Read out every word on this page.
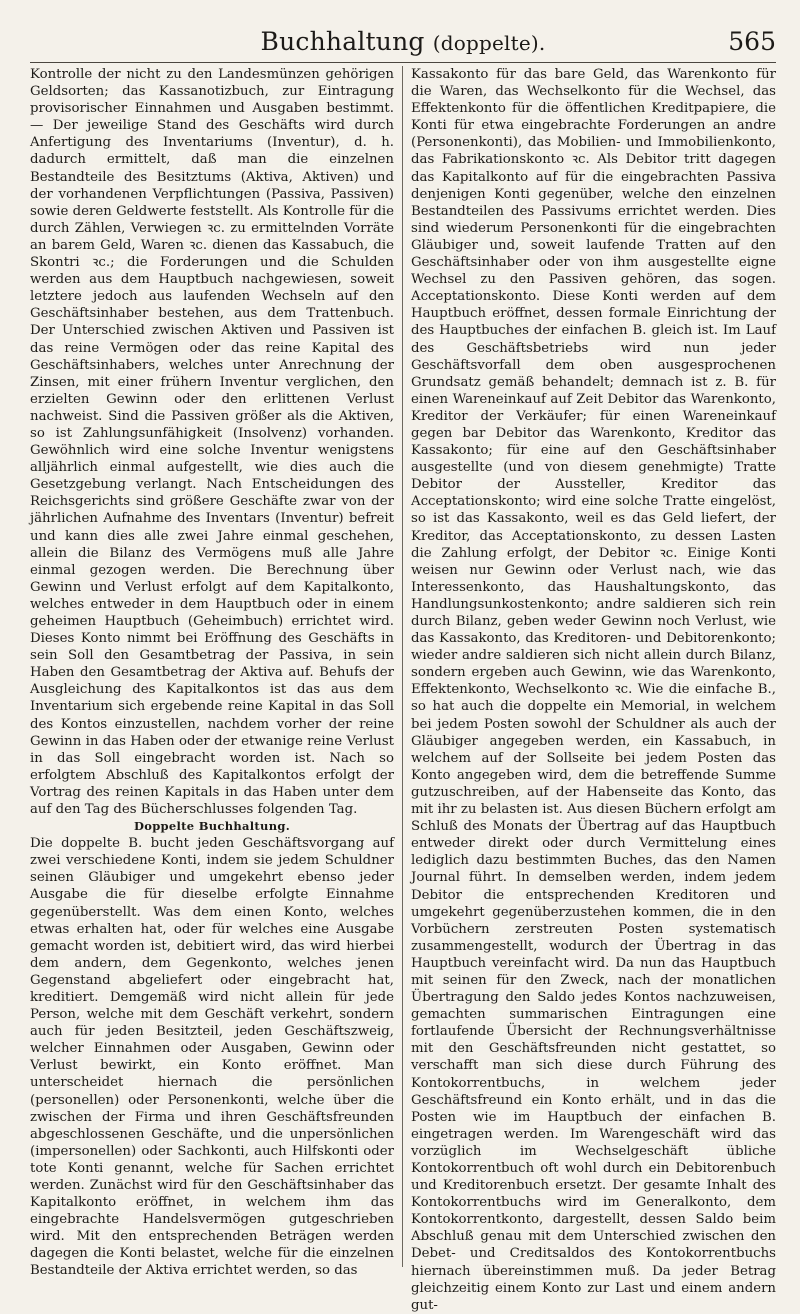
Buchhaltung (doppelte).	565

Kontrolle der nicht zu den Landesmünzen gehörigen Geldsorten; das Kassanotizbuch, zur Eintragung provisorischer Einnahmen und Ausgaben bestimmt. — Der jeweilige Stand des Geschäfts wird durch Anfertigung des Inventariums (Inventur), d. h. dadurch ermittelt, daß man die einzelnen Bestandteile des Besitztums (Aktiva, Aktiven) und der vorhandenen Verpflichtungen (Passiva, Passiven) sowie deren Geldwerte feststellt. Als Kontrolle für die durch Zählen, Verwiegen ꝛc. zu ermittelnden Vorräte an barem Geld, Waren ꝛc. dienen das Kassabuch, die Skontri ꝛc.; die Forderungen und die Schulden werden aus dem Hauptbuch nachgewiesen, soweit letztere jedoch aus laufenden Wechseln auf den Geschäftsinhaber bestehen, aus dem Trattenbuch. Der Unterschied zwischen Aktiven und Passiven ist das reine Vermögen oder das reine Kapital des Geschäftsinhabers, welches unter Anrechnung der Zinsen, mit einer frühern Inventur verglichen, den erzielten Gewinn oder den erlittenen Verlust nachweist. Sind die Passiven größer als die Aktiven, so ist Zahlungsunfähigkeit (Insolvenz) vorhanden. Gewöhnlich wird eine solche Inventur wenigstens alljährlich einmal aufgestellt, wie dies auch die Gesetzgebung verlangt. Nach Entscheidungen des Reichsgerichts sind größere Geschäfte zwar von der jährlichen Aufnahme des Inventars (Inventur) befreit und kann dies alle zwei Jahre einmal geschehen, allein die Bilanz des Vermögens muß alle Jahre einmal gezogen werden. Die Berechnung über Gewinn und Verlust erfolgt auf dem Kapitalkonto, welches entweder in dem Hauptbuch oder in einem geheimen Hauptbuch (Geheimbuch) errichtet wird. Dieses Konto nimmt bei Eröffnung des Geschäfts in sein Soll den Gesamtbetrag der Passiva, in sein Haben den Gesamtbetrag der Aktiva auf. Behufs der Ausgleichung des Kapitalkontos ist das aus dem Inventarium sich ergebende reine Kapital in das Soll des Kontos einzustellen, nachdem vorher der reine Gewinn in das Haben oder der etwanige reine Verlust in das Soll eingebracht worden ist. Nach so erfolgtem Abschluß des Kapitalkontos erfolgt der Vortrag des reinen Kapitals in das Haben unter dem auf den Tag des Bücherschlusses folgenden Tag.

Doppelte Buchhaltung.

Die doppelte B. bucht jeden Geschäftsvorgang auf zwei verschiedene Konti, indem sie jedem Schuldner seinen Gläubiger und umgekehrt ebenso jeder Ausgabe die für dieselbe erfolgte Einnahme gegenüberstellt. Was dem einen Konto, welches etwas erhalten hat, oder für welches eine Ausgabe gemacht worden ist, debitiert wird, das wird hierbei dem andern, dem Gegenkonto, welches jenen Gegenstand abgeliefert oder eingebracht hat, kreditiert. Demgemäß wird nicht allein für jede Person, welche mit dem Geschäft verkehrt, sondern auch für jeden Besitzteil, jeden Geschäftszweig, welcher Einnahmen oder Ausgaben, Gewinn oder Verlust bewirkt, ein Konto eröffnet. Man unterscheidet hiernach die persönlichen (personellen) oder Personenkonti, welche über die zwischen der Firma und ihren Geschäftsfreunden abgeschlossenen Geschäfte, und die unpersönlichen (impersonellen) oder Sachkonti, auch Hilfskonti oder tote Konti genannt, welche für Sachen errichtet werden. Zunächst wird für den Geschäftsinhaber das Kapitalkonto eröffnet, in welchem ihm das eingebrachte Handelsvermögen gutgeschrieben wird. Mit den entsprechenden Beträgen werden dagegen die Konti belastet, welche für die einzelnen Bestandteile der Aktiva errichtet werden, so das

Kassakonto für das bare Geld, das Warenkonto für die Waren, das Wechselkonto für die Wechsel, das Effektenkonto für die öffentlichen Kreditpapiere, die Konti für etwa eingebrachte Forderungen an andre (Personenkonti), das Mobilien- und Immobilienkonto, das Fabrikationskonto ꝛc. Als Debitor tritt dagegen das Kapitalkonto auf für die eingebrachten Passiva denjenigen Konti gegenüber, welche den einzelnen Bestandteilen des Passivums errichtet werden. Dies sind wiederum Personenkonti für die eingebrachten Gläubiger und, soweit laufende Tratten auf den Geschäftsinhaber oder von ihm ausgestellte eigne Wechsel zu den Passiven gehören, das sogen. Acceptationskonto. Diese Konti werden auf dem Hauptbuch eröffnet, dessen formale Einrichtung der des Hauptbuches der einfachen B. gleich ist. Im Lauf des Geschäftsbetriebs wird nun jeder Geschäftsvorfall dem oben ausgesprochenen Grundsatz gemäß behandelt; demnach ist z. B. für einen Wareneinkauf auf Zeit Debitor das Warenkonto, Kreditor der Verkäufer; für einen Wareneinkauf gegen bar Debitor das Warenkonto, Kreditor das Kassakonto; für eine auf den Geschäftsinhaber ausgestellte (und von diesem genehmigte) Tratte Debitor der Aussteller, Kreditor das Acceptationskonto; wird eine solche Tratte eingelöst, so ist das Kassakonto, weil es das Geld liefert, der Kreditor, das Acceptationskonto, zu dessen Lasten die Zahlung erfolgt, der Debitor ꝛc. Einige Konti weisen nur Gewinn oder Verlust nach, wie das Interessenkonto, das Haushaltungskonto, das Handlungsunkostenkonto; andre saldieren sich rein durch Bilanz, geben weder Gewinn noch Verlust, wie das Kassakonto, das Kreditoren- und Debitorenkonto; wieder andre saldieren sich nicht allein durch Bilanz, sondern ergeben auch Gewinn, wie das Warenkonto, Effektenkonto, Wechselkonto ꝛc. Wie die einfache B., so hat auch die doppelte ein Memorial, in welchem bei jedem Posten sowohl der Schuldner als auch der Gläubiger angegeben werden, ein Kassabuch, in welchem auf der Sollseite bei jedem Posten das Konto angegeben wird, dem die betreffende Summe gutzuschreiben, auf der Habenseite das Konto, das mit ihr zu belasten ist. Aus diesen Büchern erfolgt am Schluß des Monats der Übertrag auf das Hauptbuch entweder direkt oder durch Vermittelung eines lediglich dazu bestimmten Buches, das den Namen Journal führt. In demselben werden, indem jedem Debitor die entsprechenden Kreditoren und umgekehrt gegenüberzustehen kommen, die in den Vorbüchern zerstreuten Posten systematisch zusammengestellt, wodurch der Übertrag in das Hauptbuch vereinfacht wird. Da nun das Hauptbuch mit seinen für den Zweck, nach der monatlichen Übertragung den Saldo jedes Kontos nachzuweisen, gemachten summarischen Eintragungen eine fortlaufende Übersicht der Rechnungsverhältnisse mit den Geschäftsfreunden nicht gestattet, so verschafft man sich diese durch Führung des Kontokorrentbuchs, in welchem jeder Geschäftsfreund ein Konto erhält, und in das die Posten wie im Hauptbuch der einfachen B. eingetragen werden. Im Warengeschäft wird das vorzüglich im Wechselgeschäft übliche Kontokorrentbuch oft wohl durch ein Debitorenbuch und Kreditorenbuch ersetzt. Der gesamte Inhalt des Kontokorrentbuchs wird im Generalkonto, dem Kontokorrentkonto, dargestellt, dessen Saldo beim Abschluß genau mit dem Unterschied zwischen den Debet- und Creditsaldos des Kontokorrentbuchs hiernach übereinstimmen muß. Da jeder Betrag gleichzeitig einem Konto zur Last und einem andern gut-
